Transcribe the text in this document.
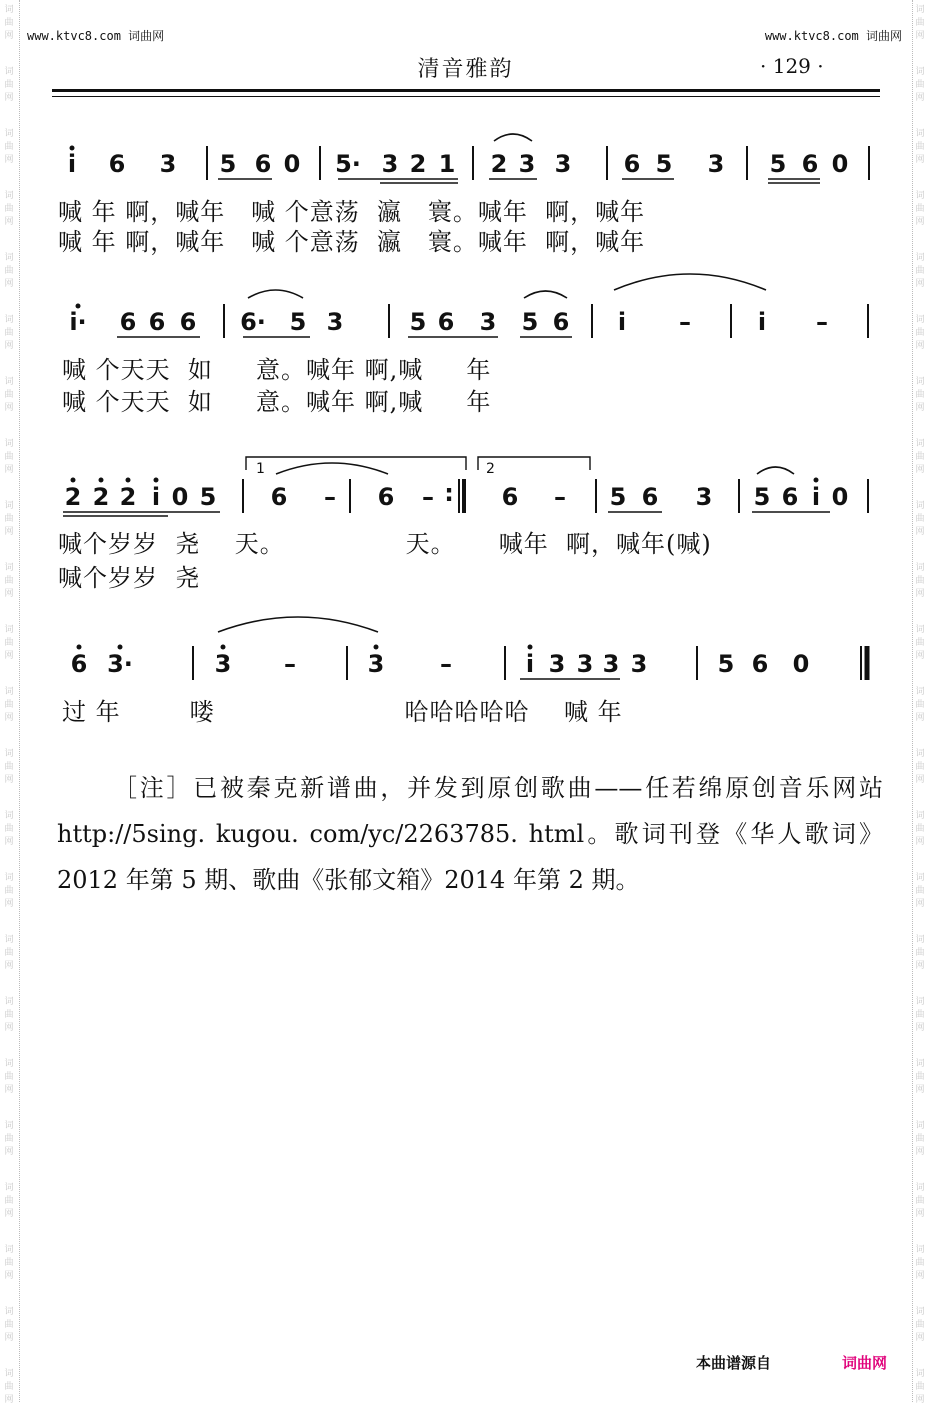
词
曲
网
词
曲
网
词
曲
网
词
曲
网
词
曲
网
词
曲
网
词
曲
网
词
曲
网
词
曲
网
词
曲
网
词
曲
网
词
曲
网
词
曲
网
词
曲
网
词
曲
网
词
曲
网
词
曲
网
词
曲
网
词
曲
网
词
曲
网
词
曲
网
词
曲
网
词
曲
网
词
曲
网
词
曲
网
词
曲
网
词
曲
网
词
曲
网
词
曲
网
词
曲
网
词
曲
网
词
曲
网
词
曲
网
词
曲
网
词
曲
网
词
曲
网
词
曲
网
词
曲
网
词
曲
网
词
曲
网
词
曲
网
词
曲
网
词
曲
网
词
曲
网
词
曲
网
词
曲
网
www.ktvc8.com 词曲网	www.ktvc8.com 词曲网
清音雅韵	· 129 ·
i 6 3 5 6 0 5· 3 2 1 2 3 3 6 5 3 5 6 0
i· 6 6 6 6· 5 3	5 6 3 5 6 i –	i –
2 2 2 i 0 5 6 – 6 – : 6 – 5 6 3 5 6 i 0
1	2
6 3·	3 –	3 –	i 3 3 3 3	5 6 0
喊 年 啊，喊年   喊 个意荡  瀛   寰。喊年  啊，喊年
喊 年 啊，喊年   喊 个意荡  瀛   寰。喊年  啊，喊年
喊 个天天  如     意。喊年 啊,喊     年
喊 个天天  如     意。喊年 啊,喊     年
喊个岁岁  尧    天。              天。     喊年  啊，喊年(喊)
喊个岁岁  尧
过 年        喽                      哈哈哈哈哈    喊 年
［注］已被秦克新谱曲，并发到原创歌曲——任若绵原创音乐网站 http://5sing. kugou. com/yc/2263785. html。歌词刊登《华人歌词》2012 年第 5 期、歌曲《张郁文箱》2014 年第 2 期。
本曲谱源自	词曲网
